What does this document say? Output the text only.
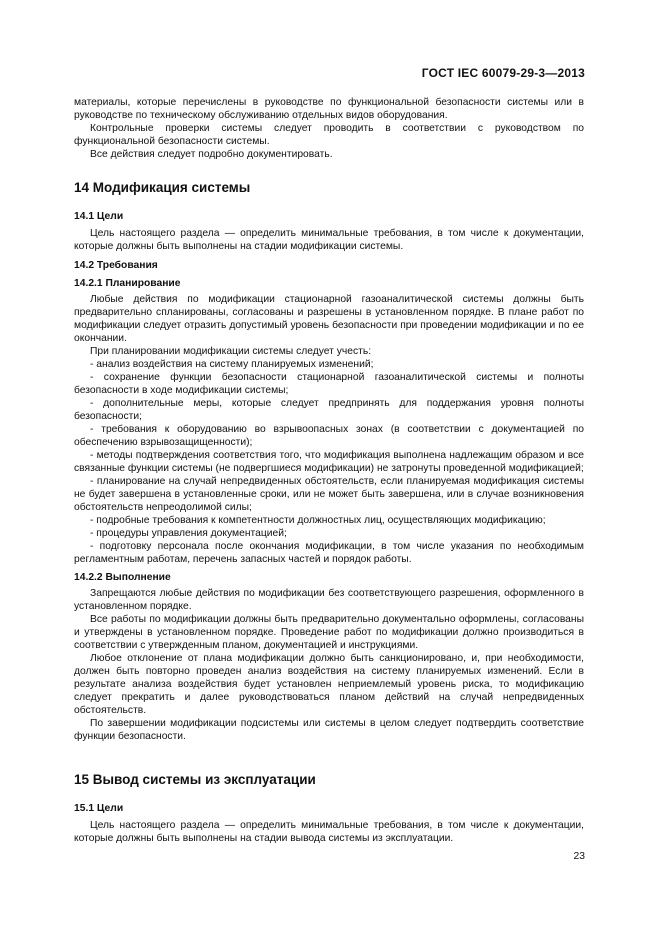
ГОСТ IEC 60079-29-3—2013

материалы, которые перечислены в руководстве по функциональной безопасности системы или в руководстве по техническому обслуживанию отдельных видов оборудования.

Контрольные проверки системы следует проводить в соответствии с руководством по функциональной безопасности системы.

Все действия следует подробно документировать.

14 Модификация системы
14.1 Цели

Цель настоящего раздела — определить минимальные требования, в том числе к документации, которые должны быть выполнены на стадии модификации системы.

14.2 Требования
14.2.1 Планирование

Любые действия по модификации стационарной газоаналитической системы должны быть предварительно спланированы, согласованы и разрешены в установленном порядке. В плане работ по модификации следует отразить допустимый уровень безопасности при проведении модификации и по ее окончании.

При планировании модификации системы следует учесть:

- анализ воздействия на систему планируемых изменений;

- сохранение функции безопасности стационарной газоаналитической системы и полноты безопасности в ходе модификации системы;

- дополнительные меры, которые следует предпринять для поддержания уровня полноты безопасности;

- требования к оборудованию во взрывоопасных зонах (в соответствии с документацией по обеспечению взрывозащищенности);

- методы подтверждения соответствия того, что модификация выполнена надлежащим образом и все связанные функции системы (не подвергшиеся модификации) не затронуты проведенной модификацией;

- планирование на случай непредвиденных обстоятельств, если планируемая модификация системы не будет завершена в установленные сроки, или не может быть завершена, или в случае возникновения обстоятельств непреодолимой силы;

- подробные требования к компетентности должностных лиц, осуществляющих модификацию;

- процедуры управления документацией;

- подготовку персонала после окончания модификации, в том числе указания по необходимым регламентным работам, перечень запасных частей и порядок работы.

14.2.2 Выполнение

Запрещаются любые действия по модификации без соответствующего разрешения, оформленного в установленном порядке.

Все работы по модификации должны быть предварительно документально оформлены, согласованы и утверждены в установленном порядке. Проведение работ по модификации должно производиться в соответствии с утвержденным планом, документацией и инструкциями.

Любое отклонение от плана модификации должно быть санкционировано, и, при необходимости, должен быть повторно проведен анализ воздействия на систему планируемых изменений. Если в результате анализа воздействия будет установлен неприемлемый уровень риска, то модификацию следует прекратить и далее руководствоваться планом действий на случай непредвиденных обстоятельств.

По завершении модификации подсистемы или системы в целом следует подтвердить соответствие функции безопасности.

15 Вывод системы из эксплуатации
15.1 Цели

Цель настоящего раздела — определить минимальные требования, в том числе к документации, которые должны быть выполнены на стадии вывода системы из эксплуатации.

23
